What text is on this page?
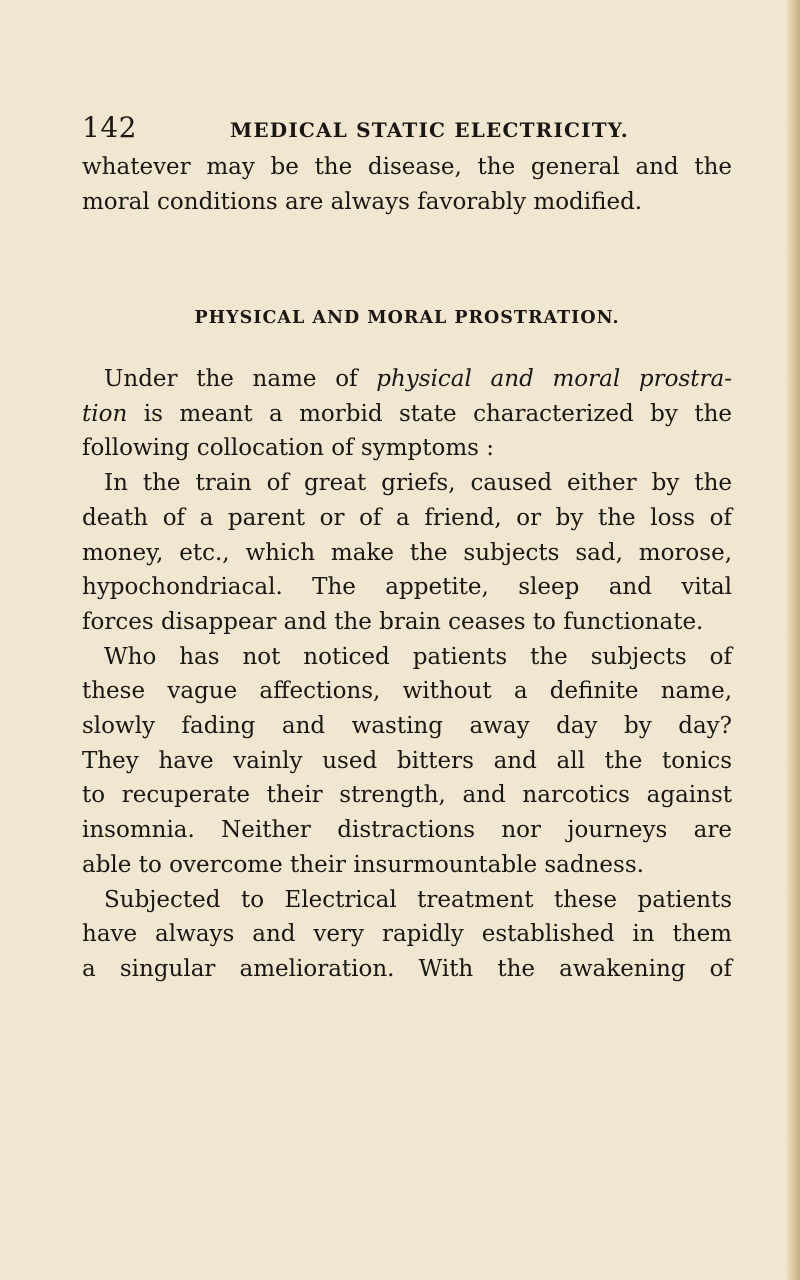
142	MEDICAL STATIC ELECTRICITY.
whatever may be the disease, the general and the
moral conditions are always favorably modified.
PHYSICAL AND MORAL PROSTRATION.
Under the name of physical and moral prostra-
tion is meant a morbid state characterized by the
following collocation of symptoms :
In the train of great griefs, caused either by the
death of a parent or of a friend, or by the loss of
money, etc., which make the subjects sad, morose,
hypochondriacal. The appetite, sleep and vital
forces disappear and the brain ceases to functionate.
Who has not noticed patients the subjects of
these vague affections, without a definite name,
slowly fading and wasting away day by day?
They have vainly used bitters and all the tonics
to recuperate their strength, and narcotics against
insomnia. Neither distractions nor journeys are
able to overcome their insurmountable sadness.
Subjected to Electrical treatment these patients
have always and very rapidly established in them
a singular amelioration. With the awakening of
